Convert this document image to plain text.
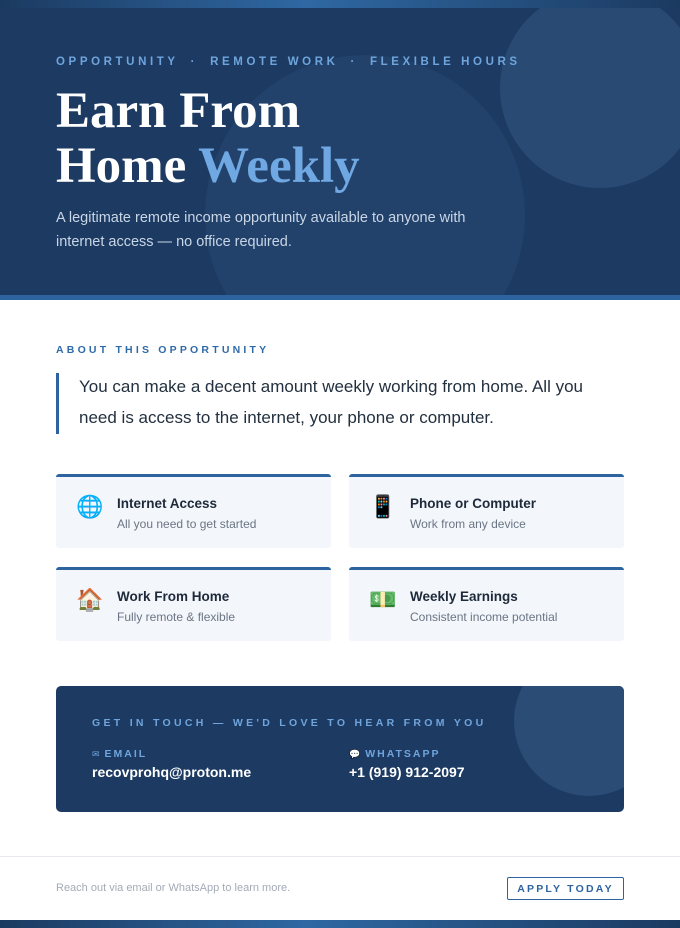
OPPORTUNITY · REMOTE WORK · FLEXIBLE HOURS
Earn From
Home Weekly

A legitimate remote income opportunity available to anyone with internet access — no office required.

ABOUT THIS OPPORTUNITY

You can make a decent amount weekly working from home. All you need is access to the internet, your phone or computer.

🌐 Internet Access
All you need to get started
📱 Phone or Computer
Work from any device
🏠 Work From Home
Fully remote & flexible
💵 Weekly Earnings
Consistent income potential
GET IN TOUCH — WE'D LOVE TO HEAR FROM YOU
✉ EMAIL
recovprohq@proton.me
💬 WHATSAPP
+1 (919) 912-2097
Reach out via email or WhatsApp to learn more.	APPLY TODAY
